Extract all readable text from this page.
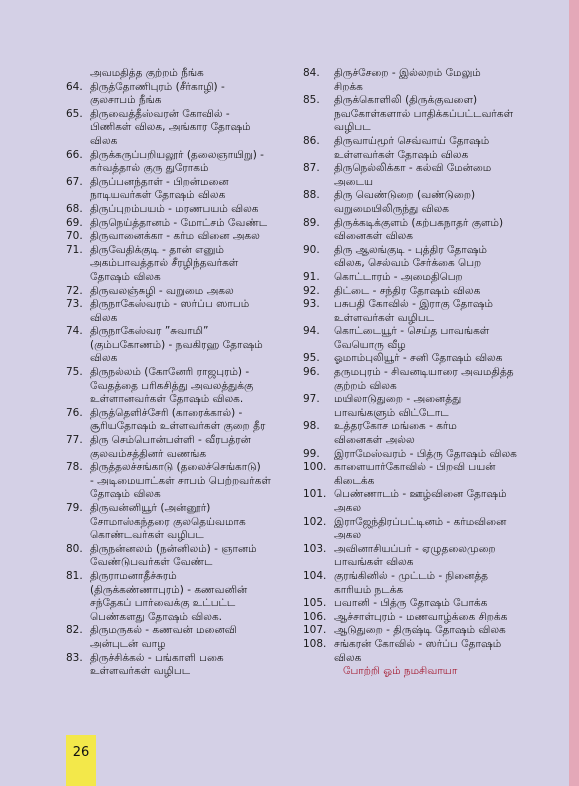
அவமதித்த குற்றம் நீங்க
64. திருத்தோணிபுரம் (சீர்காழி) -
குலசாபம் நீங்க
65. திருவைத்தீஸ்வரன் கோவில் -
பிணிகள் விலக, அங்கார தோஷம்
விலக
66. திருக்கருப்பறியலூர் (தலைஞாயிறு) -
கர்வத்தால் குரு துரோகம்
67. திருப்பனந்தாள் - பிறன்மனை
நாடியவர்கள் தோஷம் விலக
68. திருப்புறம்பயம் - மரணபயம் விலக
69. திருநெய்த்தானம் - மோட்சம் வேண்ட
70. திருவானைக்கா - கர்ம வினை அகல
71. திருவேதிக்குடி - தான் எனும்
அகம்பாவத்தால் சீரழிந்தவர்கள்
தோஷம் விலக
72. திருவலஞ்சுழி - வறுமை அகல
73. திருநாகேஸ்வரம் - ஸர்ப்ப ஸாபம்
விலக
74. திருநாகேஸ்வர ”சுவாமி”
(கும்பகோணம்) - நவகிரஹ தோஷம்
விலக
75. திருநல்லம் (கோனேரி ராஜபுரம்) -
வேதத்தை பரிகசித்து அவலத்துக்கு
உள்ளானவர்கள் தோஷம் விலக.
76. திருத்தெளிச்சேரி (காரைக்கால்) -
சூரியதோஷம் உள்ளவர்கள் குறை தீர
77. திரு செம்பொன்பள்ளி - வீரபத்ரன்
குலவம்சத்தினர் வணங்க
78. திருத்தலச்சங்காடு (தலைச்செங்காடு)
- அடிமையாட்கள் சாபம் பெற்றவர்கள்
தோஷம் விலக
79. திருவன்னியூர் (அன்னூர்)
சோமாஸ்கந்தரை குலதெய்வமாக
கொண்டவர்கள் வழிபட
80. திருநன்னலம் (நன்னிலம்) - ஞானம்
வேண்டுபவர்கள் வேண்ட
81. திருராமனாதீச்சுரம்
(திருக்கண்ணாபுரம்) - கணவனின்
சந்தேகப் பார்வைக்கு உட்பட்ட
பெண்களது தோஷம் விலக.
82. திருமருகல் - கணவன் மனைவி
அன்புடன் வாழ
83. திருச்சிக்கல் - பங்காளி பகை
உள்ளவர்கள் வழிபட
84.	திருச்சேறை - இல்லறம் மேலும்
சிறக்க
85.	திருக்கொளிலி (திருக்குவளை)
நவகோள்களால் பாதிக்கப்பட்டவர்கள்
வழிபட
86.	திருவாய்மூர் செவ்வாய் தோஷம்
உள்ளவர்கள் தோஷம் விலக
87.	திருநெல்லிக்கா - கல்வி மேன்மை
அடைய
88.	திரு வெண்டுறை (வண்டுறை)
வறுமையிலிருந்து விலக
89.	திருக்கடிக்குளம் (கற்பகநாதர் குளம்)
வினைகள் விலக
90.	திரு ஆலங்குடி - புத்திர தோஷம்
விலக, செல்வம் சேர்க்கை பெற
91.	கொட்டாரம் - அமைதிபெற
92.	திட்டை - சந்திர தோஷம் விலக
93.	பசுபதி கோவில் - இராகு தோஷம்
உள்ளவர்கள் வழிபட
94.	கொட்டையூர் - செய்த பாவங்கள்
வேயொரு வீழ
95.	ஓமாம்புலியூர் - சனி தோஷம் விலக
96.	தருமபுரம் - சிவனடியாரை அவமதித்த
குற்றம் விலக
97.	மயிலாடுதுறை - அனைத்து
பாவங்களும் விட்டோட
98.	உத்தரகோச மங்கை - கர்ம
வினைகள் அல்ல
99.	இராமேஸ்வரம் - பித்ரு தோஷம் விலக
100. காளையார்கோவில் - பிறவி பயன்
கிடைக்க
101. பெண்ணாடம் - ஊழ்வினை தோஷம்
அகல
102. இராஜேந்திரப்பட்டினம் - கர்மவினை
அகல
103. அவினாசியப்பர் - ஏழுதலைமுறை
பாவங்கள் விலக
104. குரங்கினில் - முட்டம் - நினைத்த
காரியம் நடக்க
105. பவானி - பித்ரு தோஷம் போக்க
106. ஆச்சாள்புரம் - மணவாழ்க்கை சிறக்க
107. ஆடுதுறை - திருஷ்டி தோஷம் விலக
108. சங்கரன் கோவில் - ஸர்ப்ப தோஷம்
விலக
போற்றி ஓம் நமசிவாயா
26
